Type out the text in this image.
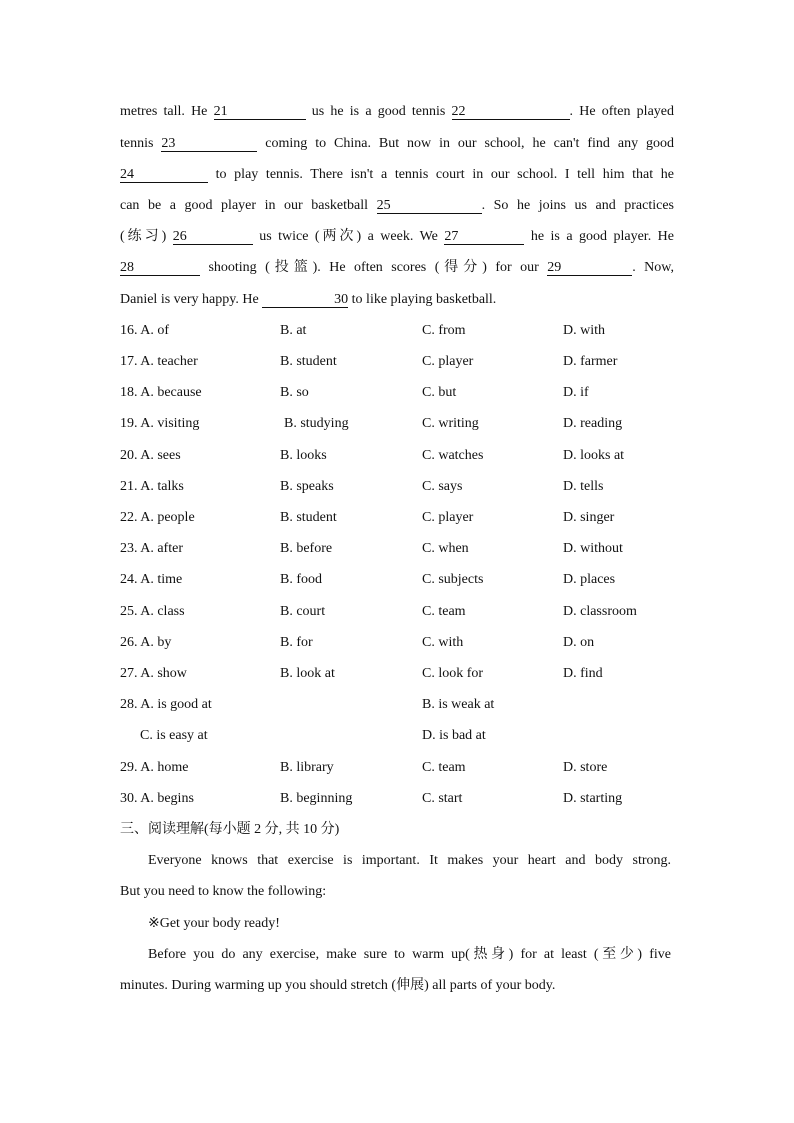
metres tall. He 21	us he is a good tennis 22	. He often played
tennis 23	coming to China. But now in our school, he can't find any good
24	to play tennis. There isn't a tennis court in our school. I tell him that he
can be a good player in our basketball 25	. So he joins us and practices
(练习) 26	us twice (两次) a week. We 27	he is a good player. He
28	shooting (投篮). He often scores (得分) for our 29	. Now,
Daniel is very happy. He	30 to like playing basketball.
16. A. of	B. at	C. from	D. with
17. A. teacher	B. student	C. player	D. farmer
18. A. because	B. so	C. but	D. if
19. A. visiting	B. studying	C. writing	D. reading
20. A. sees	B. looks	C. watches	D. looks at
21. A. talks	B. speaks	C. says	D. tells
22. A. people	B. student	C. player	D. singer
23. A. after	B. before	C. when	D. without
24. A. time	B. food	C. subjects	D. places
25. A. class	B. court	C. team	D. classroom
26. A. by	B. for	C. with	D. on
27. A. show	B. look at	C. look for	D. find
28. A. is good at	B. is weak at
C. is easy at	D. is bad at
29. A. home	B. library	C. team	D. store
30. A. begins	B. beginning	C. start	D. starting
三、阅读理解(每小题 2 分, 共 10 分)
Everyone knows that exercise is important. It makes your heart and body strong.
But you need to know the following:
※Get your body ready!
Before you do any exercise, make sure to warm up(热身) for at least (至少) five
minutes. During warming up you should stretch (伸展) all parts of your body.
